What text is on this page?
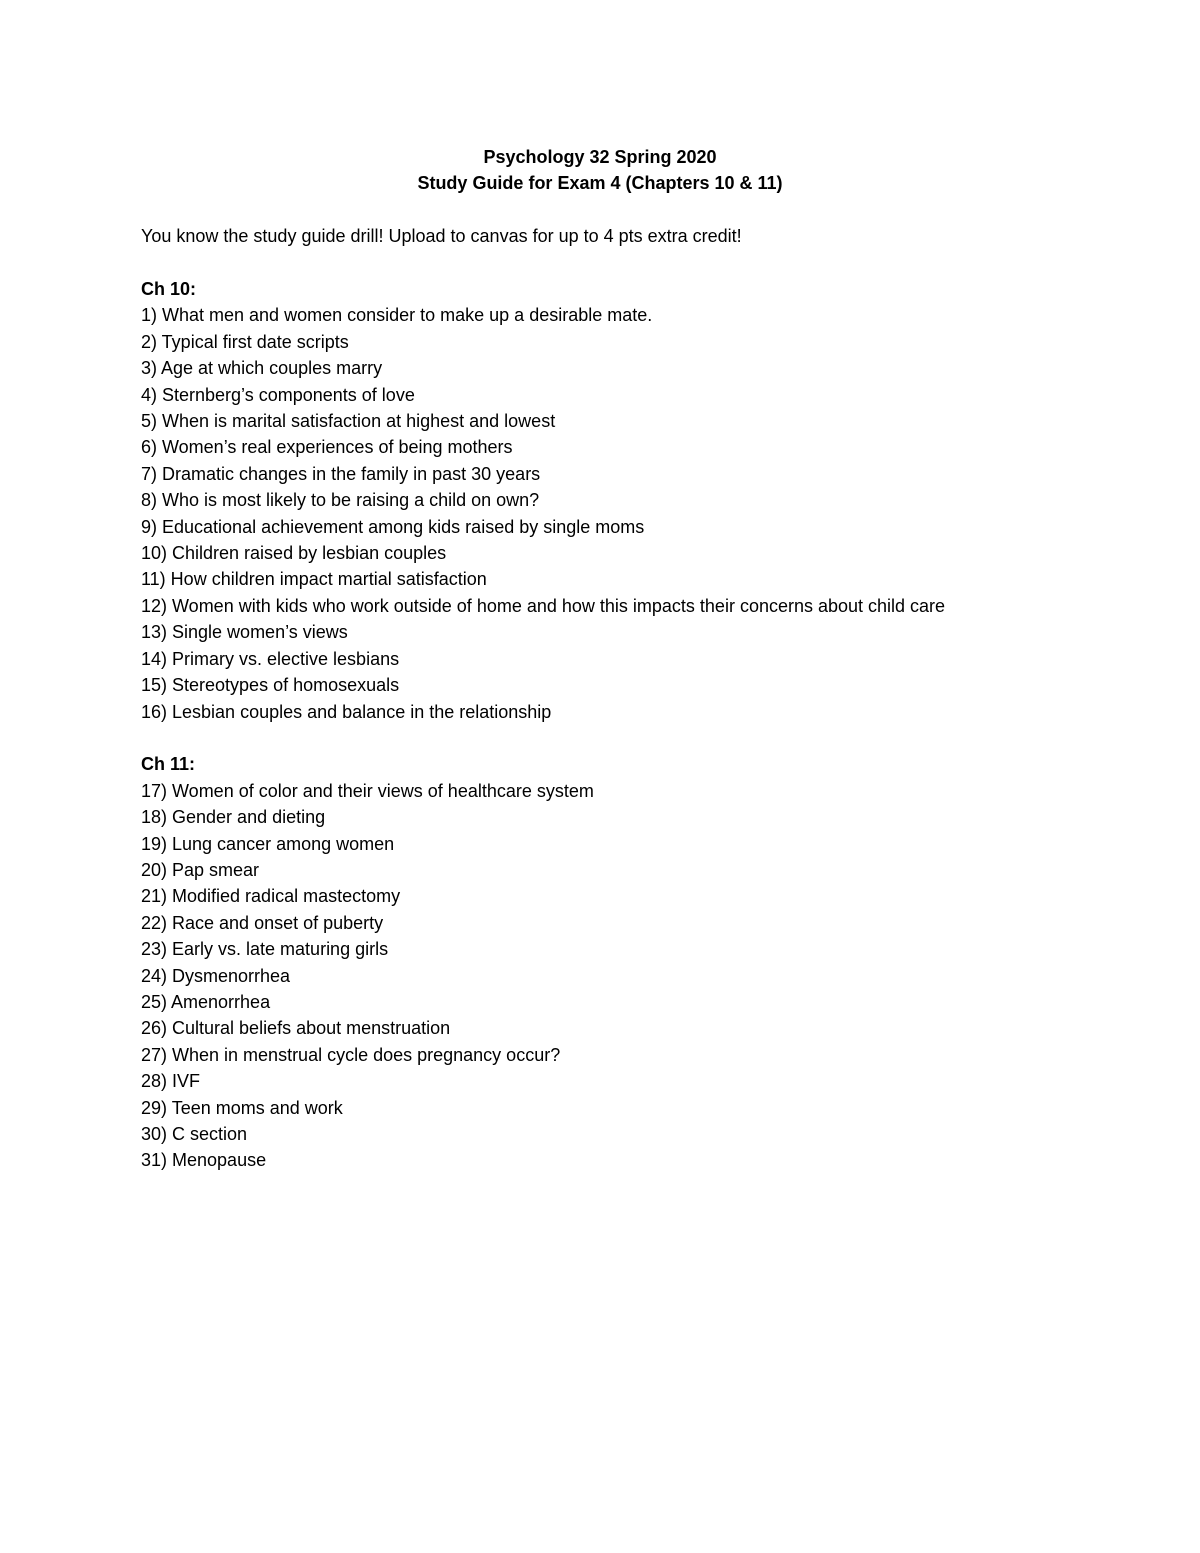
Psychology 32 Spring 2020

Study Guide for Exam 4 (Chapters 10 & 11)

You know the study guide drill! Upload to canvas for up to 4 pts extra credit!

Ch 10:

1) What men and women consider to make up a desirable mate.
2) Typical first date scripts
3) Age at which couples marry
4) Sternberg’s components of love
5) When is marital satisfaction at highest and lowest
6) Women’s real experiences of being mothers
7) Dramatic changes in the family in past 30 years
8) Who is most likely to be raising a child on own?
9) Educational achievement among kids raised by single moms
10) Children raised by lesbian couples
11) How children impact martial satisfaction
12) Women with kids who work outside of home and how this impacts their concerns about child care
13) Single women’s views
14) Primary vs. elective lesbians
15) Stereotypes of homosexuals
16) Lesbian couples and balance in the relationship

Ch 11:

17) Women of color and their views of healthcare system
18) Gender and dieting
19) Lung cancer among women
20) Pap smear
21) Modified radical mastectomy
22) Race and onset of puberty
23) Early vs. late maturing girls
24) Dysmenorrhea
25) Amenorrhea
26) Cultural beliefs about menstruation
27) When in menstrual cycle does pregnancy occur?
28) IVF
29) Teen moms and work
30) C section
31) Menopause
